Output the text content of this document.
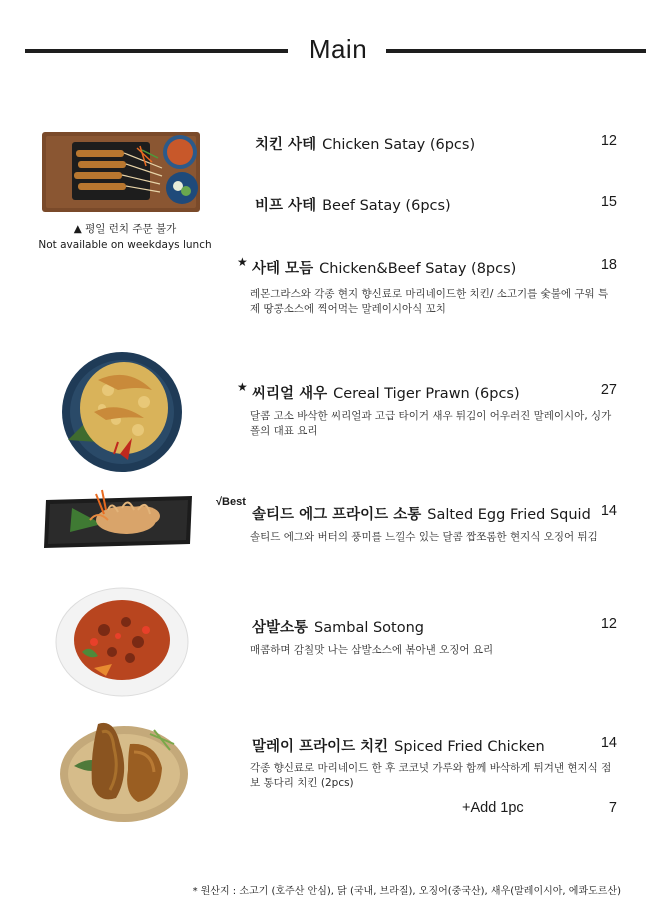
Main
▲ 평일 런치 주문 불가
Not available on weekdays lunch
치킨 사테 Chicken Satay (6pcs)	12
비프 사테 Beef Satay (6pcs)	15
★ 사테 모듬 Chicken&Beef Satay (8pcs)	18
레몬그라스와 각종 현지 향신료로 마리네이드한 치킨/ 소고기를 숯불에 구워 특제 땅콩소스에 찍어먹는 말레이시아식 꼬치
★ 씨리얼 새우 Cereal Tiger Prawn (6pcs)	27
달콤 고소 바삭한 씨리얼과 고급 타이거 새우 튀김이 어우러진 말레이시아, 싱가폴의 대표 요리
√Best
솔티드 에그 프라이드 소통 Salted Egg Fried Squid 14
솔티드 에그와 버터의 풍미를 느낄수 있는 달콤 짭쪼롬한 현지식 오징어 튀김
삼발소통 Sambal Sotong	12
매콤하며 감칠맛 나는 삼발소스에 볶아낸 오징어 요리
말레이 프라이드 치킨 Spiced Fried Chicken	14
각종 향신료로 마리네이드 한 후 코코넛 가루와 함께 바삭하게 튀겨낸 현지식 점보 통다리 치킨 (2pcs)
+Add 1pc	7
* 원산지 : 소고기 (호주산 안심), 닭 (국내, 브라질), 오징어(중국산), 새우(말레이시아, 에콰도르산)
